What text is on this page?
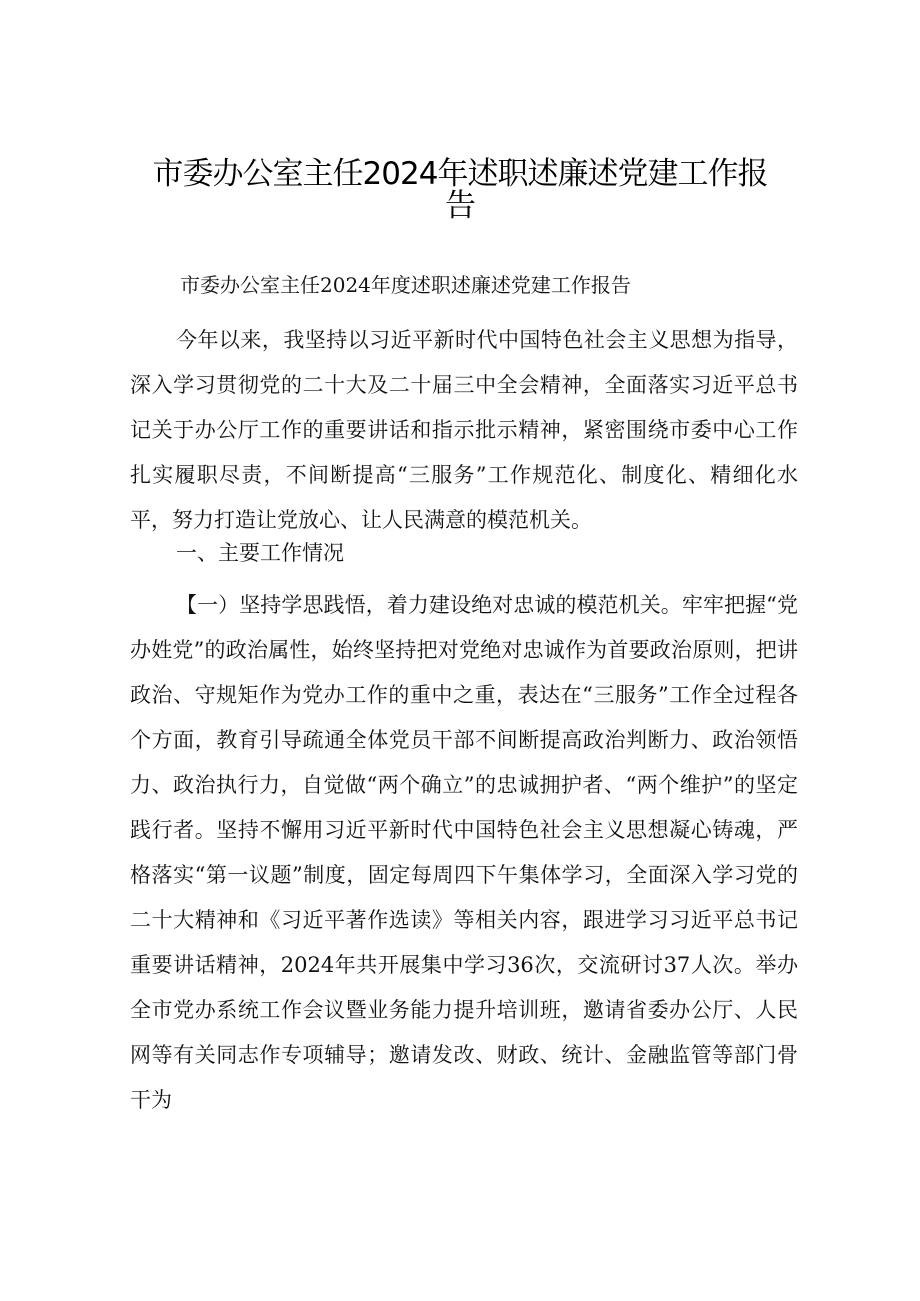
市委办公室主任2024年述职述廉述党建工作报告
市委办公室主任2024年度述职述廉述党建工作报告

今年以来，我坚持以习近平新时代中国特色社会主义思想为指导，深入学习贯彻党的二十大及二十届三中全会精神，全面落实习近平总书记关于办公厅工作的重要讲话和指示批示精神，紧密围绕市委中心工作扎实履职尽责，不间断提高“三服务”工作规范化、制度化、精细化水平，努力打造让党放心、让人民满意的模范机关。

一、主要工作情况

【一）坚持学思践悟，着力建设绝对忠诚的模范机关。牢牢把握“党办姓党”的政治属性，始终坚持把对党绝对忠诚作为首要政治原则，把讲政治、守规矩作为党办工作的重中之重，表达在“三服务”工作全过程各个方面，教育引导疏通全体党员干部不间断提高政治判断力、政治领悟力、政治执行力，自觉做“两个确立”的忠诚拥护者、“两个维护”的坚定践行者。坚持不懈用习近平新时代中国特色社会主义思想凝心铸魂，严格落实“第一议题”制度，固定每周四下午集体学习，全面深入学习党的二十大精神和《习近平著作选读》等相关内容，跟进学习习近平总书记重要讲话精神，2024年共开展集中学习36次，交流研讨37人次。举办全市党办系统工作会议暨业务能力提升培训班，邀请省委办公厅、人民网等有关同志作专项辅导；邀请发改、财政、统计、金融监管等部门骨干为
